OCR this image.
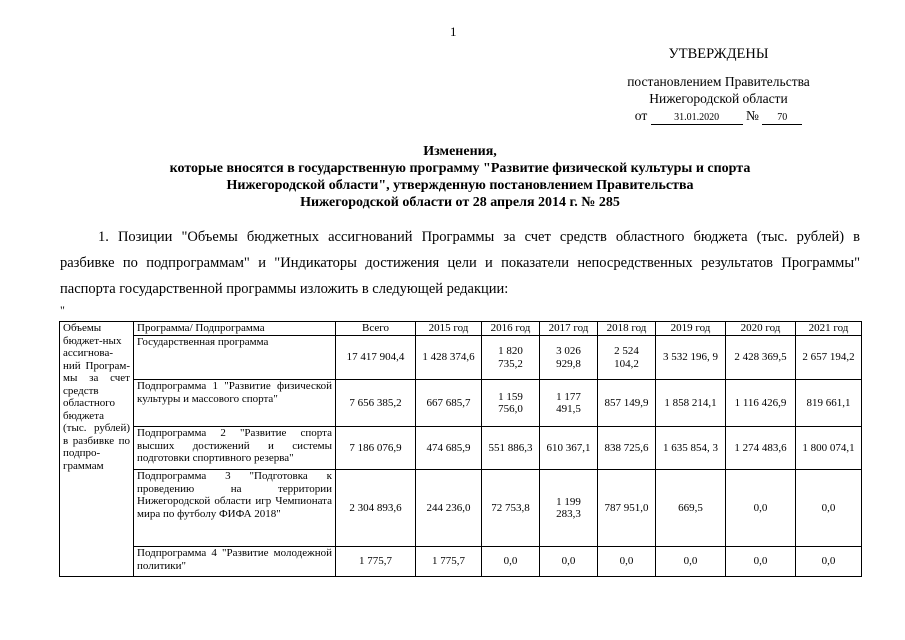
1
УТВЕРЖДЕНЫ
постановлением Правительства
Нижегородской области
от	31.01.2020 № 70
Изменения,
которые вносятся в государственную программу "Развитие физической культуры и спорта
Нижегородской области", утвержденную постановлением Правительства
Нижегородской области от 28 апреля 2014 г. № 285
1. Позиции "Объемы бюджетных ассигнований Программы за счет средств областного бюджета (тыс. рублей) в
разбивке по подпрограммам" и "Индикаторы достижения цели и показатели непосредственных результатов Программы"
паспорта государственной программы изложить в следующей редакции:
"
Объемы бюджет-ных ассигнова-ний Програм-мы за счет средств областного бюджета (тыс. рублей) в разбивке по подпро-граммам	Программа/ Подпрограмма	Всего	2015 год	2016 год	2017 год	2018 год	2019 год	2020 год	2021 год
	Государственная программа	17 417 904,4	1 428 374,6	1 820 735,2	3 026 929,8	2 524 104,2	3 532 196, 9	2 428 369,5	2 657 194,2
	Подпрограмма 1 "Развитие физической культуры и массового спорта"	7 656 385,2	667 685,7	1 159 756,0	1 177 491,5	857 149,9	1 858 214,1	1 116 426,9	819 661,1
	Подпрограмма 2 "Развитие спорта высших достижений и системы подготовки спортивного резерва"	7 186 076,9	474 685,9	551 886,3	610 367,1	838 725,6	1 635 854, 3	1 274 483,6	1 800 074,1
	Подпрограмма 3 "Подготовка к проведению на территории Нижегородской области игр Чемпионата мира по футболу ФИФА 2018"	2 304 893,6	244 236,0	72 753,8	1 199 283,3	787 951,0	669,5	0,0	0,0
	Подпрограмма 4 "Развитие молодежной политики"	1 775,7	1 775,7	0,0	0,0	0,0	0,0	0,0	0,0
